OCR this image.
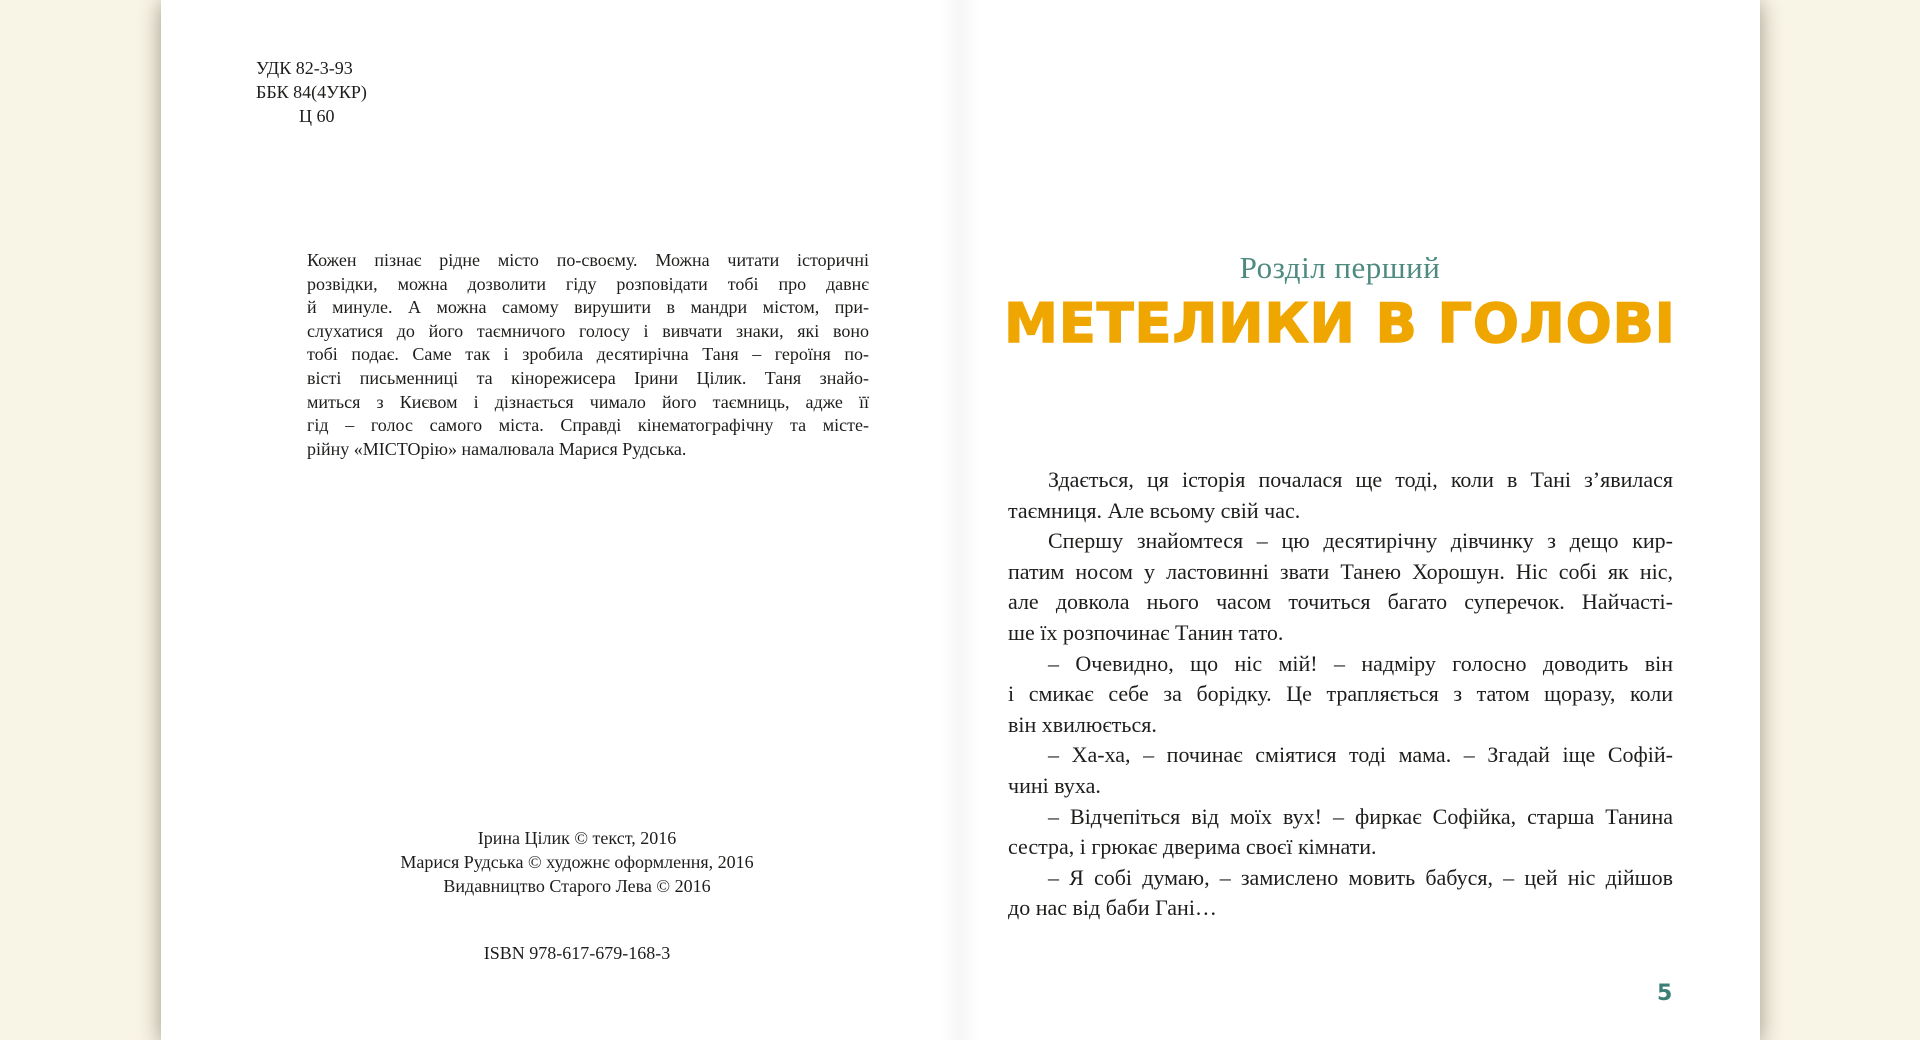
УДК 82-3-93
ББК 84(4УКР)
Ц 60
Кожен пізнає рідне місто по-своєму. Можна читати історичні
розвідки, можна дозволити гіду розповідати тобі про давнє
й минуле. А можна самому вирушити в мандри містом, при-
слухатися до його таємничого голосу і вивчати знаки, які воно
тобі подає. Саме так і зробила десятирічна Таня – героїня по-
вісті письменниці та кінорежисера Ірини Цілик. Таня знайо-
миться з Києвом і дізнається чимало його таємниць, адже її
гід – голос самого міста. Справді кінематографічну та місте-
рійну «МІСТОрію» намалювала Марися Рудська.
Ірина Цілик © текст, 2016
Марися Рудська © художнє оформлення, 2016
Видавництво Старого Лева © 2016
ISBN 978-617-679-168-3
Розділ перший
МЕТЕЛИКИ В ГОЛОВІ
Здається, ця історія почалася ще тоді, коли в Тані з’явилася
таємниця. Але всьому свій час.
Спершу знайомтеся – цю десятирічну дівчинку з дещо кир-
патим носом у ластовинні звати Танею Хорошун. Ніс собі як ніс,
але довкола нього часом точиться багато суперечок. Найчасті-
ше їх розпочинає Танин тато.
– Очевидно, що ніс мій! – надміру голосно доводить він
і смикає себе за борідку. Це трапляється з татом щоразу, коли
він хвилюється.
– Ха-ха, – починає сміятися тоді мама. – Згадай іще Софій-
чині вуха.
– Відчепіться від моїх вух! – фиркає Софійка, старша Танина
сестра, і грюкає дверима своєї кімнати.
– Я собі думаю, – замислено мовить бабуся, – цей ніс дійшов
до нас від баби Гані…
5
